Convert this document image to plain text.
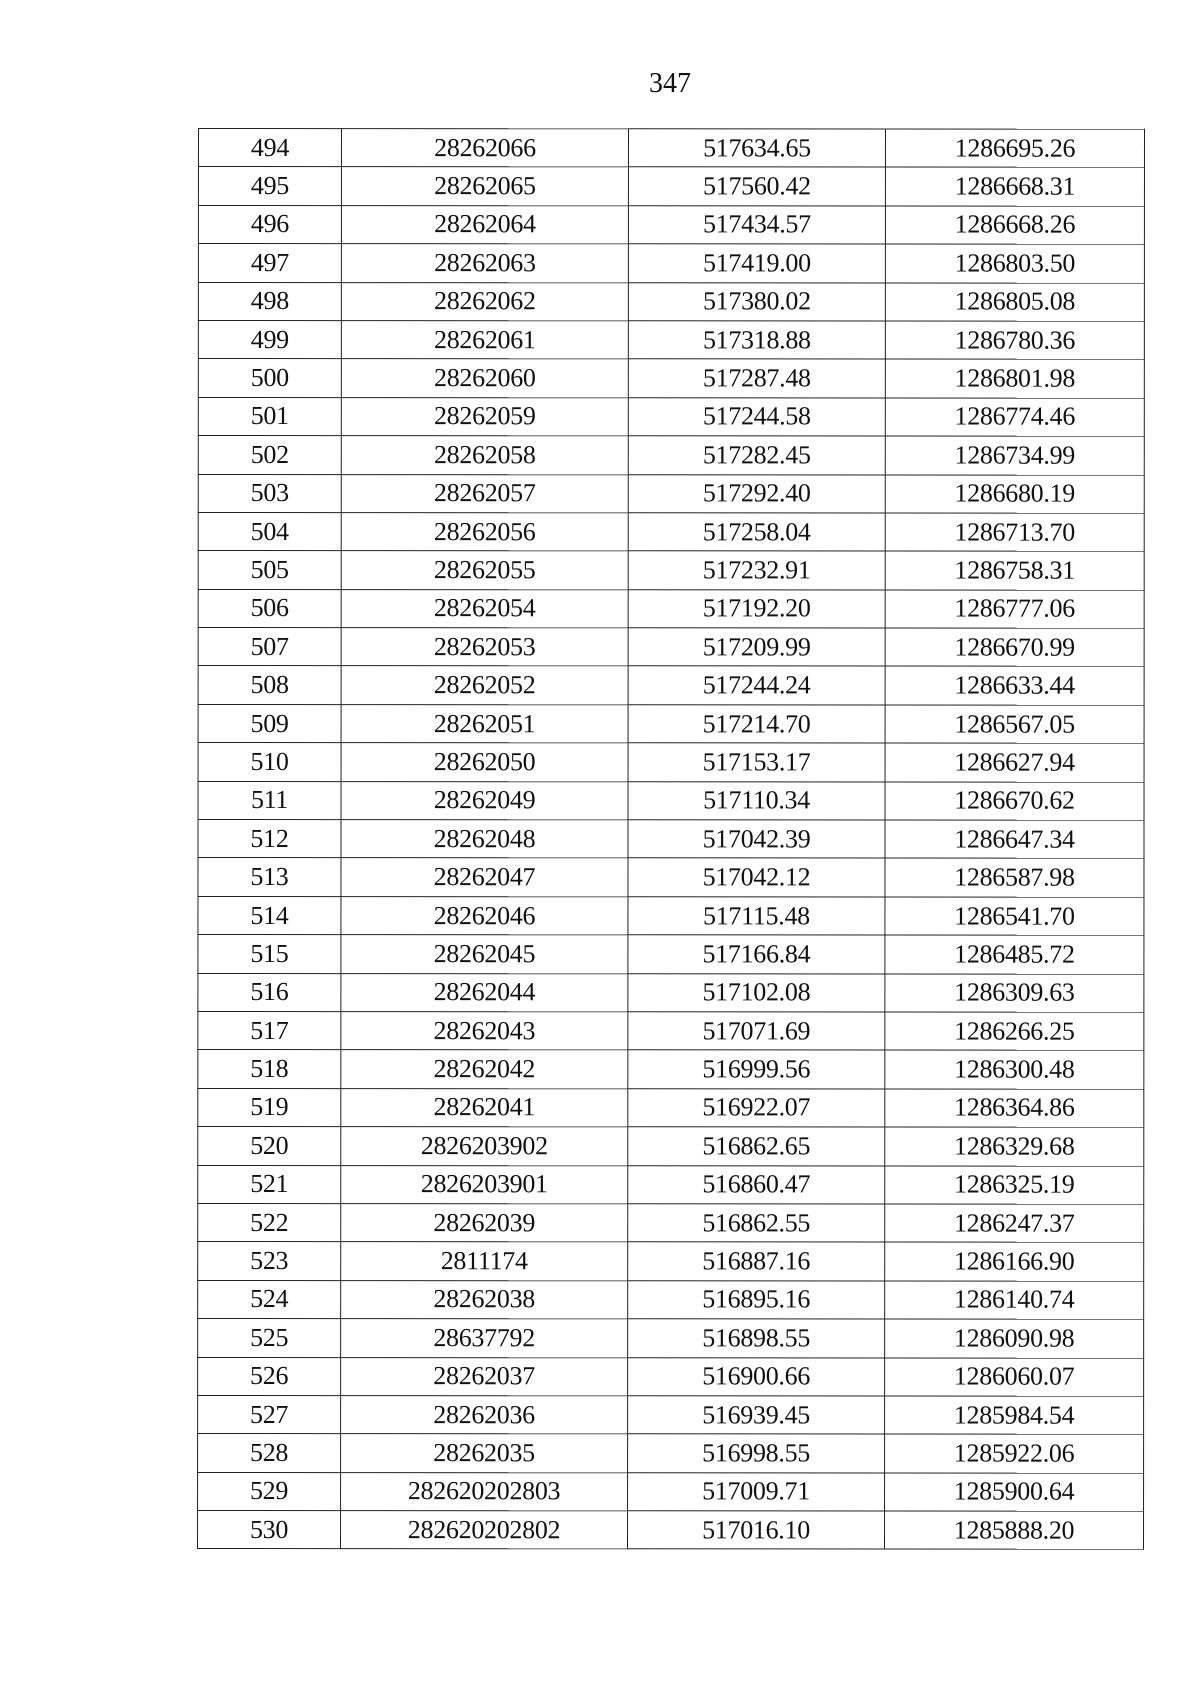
347
494	28262066	517634.65	1286695.26
495	28262065	517560.42	1286668.31
496	28262064	517434.57	1286668.26
497	28262063	517419.00	1286803.50
498	28262062	517380.02	1286805.08
499	28262061	517318.88	1286780.36
500	28262060	517287.48	1286801.98
501	28262059	517244.58	1286774.46
502	28262058	517282.45	1286734.99
503	28262057	517292.40	1286680.19
504	28262056	517258.04	1286713.70
505	28262055	517232.91	1286758.31
506	28262054	517192.20	1286777.06
507	28262053	517209.99	1286670.99
508	28262052	517244.24	1286633.44
509	28262051	517214.70	1286567.05
510	28262050	517153.17	1286627.94
511	28262049	517110.34	1286670.62
512	28262048	517042.39	1286647.34
513	28262047	517042.12	1286587.98
514	28262046	517115.48	1286541.70
515	28262045	517166.84	1286485.72
516	28262044	517102.08	1286309.63
517	28262043	517071.69	1286266.25
518	28262042	516999.56	1286300.48
519	28262041	516922.07	1286364.86
520	2826203902	516862.65	1286329.68
521	2826203901	516860.47	1286325.19
522	28262039	516862.55	1286247.37
523	2811174	516887.16	1286166.90
524	28262038	516895.16	1286140.74
525	28637792	516898.55	1286090.98
526	28262037	516900.66	1286060.07
527	28262036	516939.45	1285984.54
528	28262035	516998.55	1285922.06
529	282620202803	517009.71	1285900.64
530	282620202802	517016.10	1285888.20
